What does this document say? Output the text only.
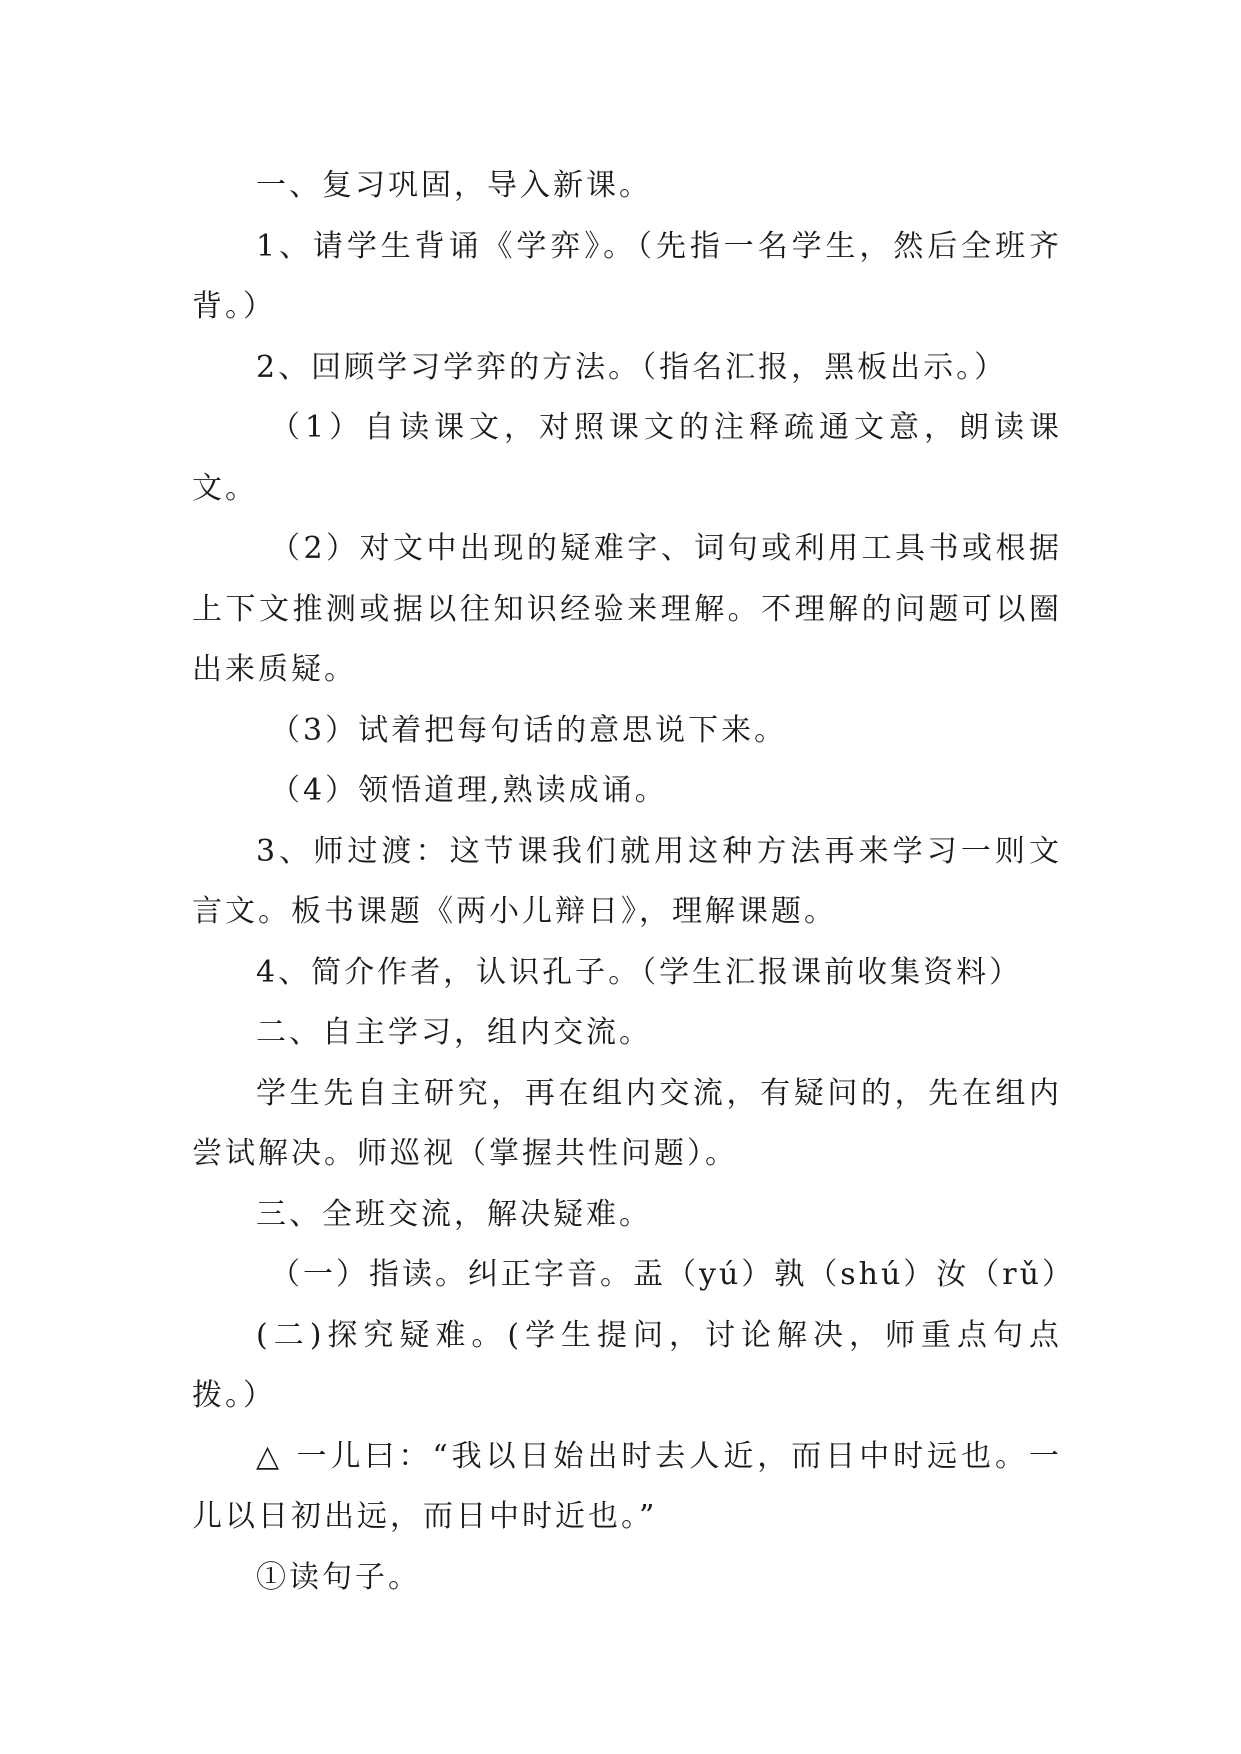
一、复习巩固，导入新课。

1、请学生背诵《学弈》。（先指一名学生，然后全班齐背。）

2、回顾学习学弈的方法。（指名汇报，黑板出示。）

（1）自读课文，对照课文的注释疏通文意，朗读课文。

（2）对文中出现的疑难字、词句或利用工具书或根据上下文推测或据以往知识经验来理解。不理解的问题可以圈出来质疑。

（3）试着把每句话的意思说下来。

（4）领悟道理,熟读成诵。

3、师过渡：这节课我们就用这种方法再来学习一则文言文。板书课题《两小儿辩日》，理解课题。

4、简介作者，认识孔子。（学生汇报课前收集资料）

二、自主学习，组内交流。

学生先自主研究，再在组内交流，有疑问的，先在组内尝试解决。师巡视（掌握共性问题）。

三、全班交流，解决疑难。

（一）指读。纠正字音。盂（yú）孰（shú）汝（rǔ）

(二)探究疑难。(学生提问，讨论解决，师重点句点拨。）

△ 一儿曰：“我以日始出时去人近，而日中时远也。一儿以日初出远，而日中时近也。”

①读句子。
